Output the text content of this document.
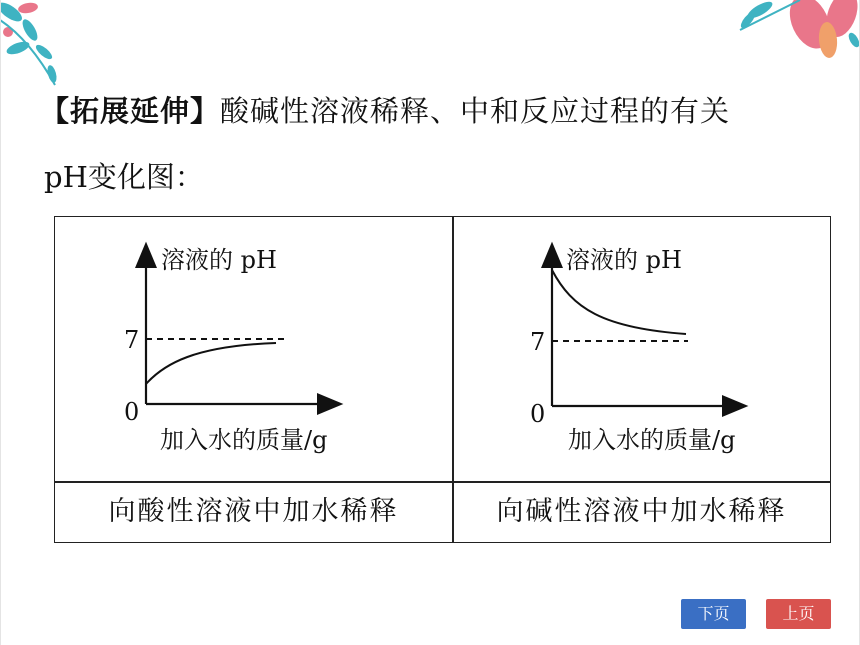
【拓展延伸】酸碱性溶液稀释、中和反应过程的有关
pH变化图：
向酸性溶液中加水稀释	向碱性溶液中加水稀释
溶液的 pH
7
0
加入水的质量/g
溶液的 pH
7
0
加入水的质量/g
下页	上页
